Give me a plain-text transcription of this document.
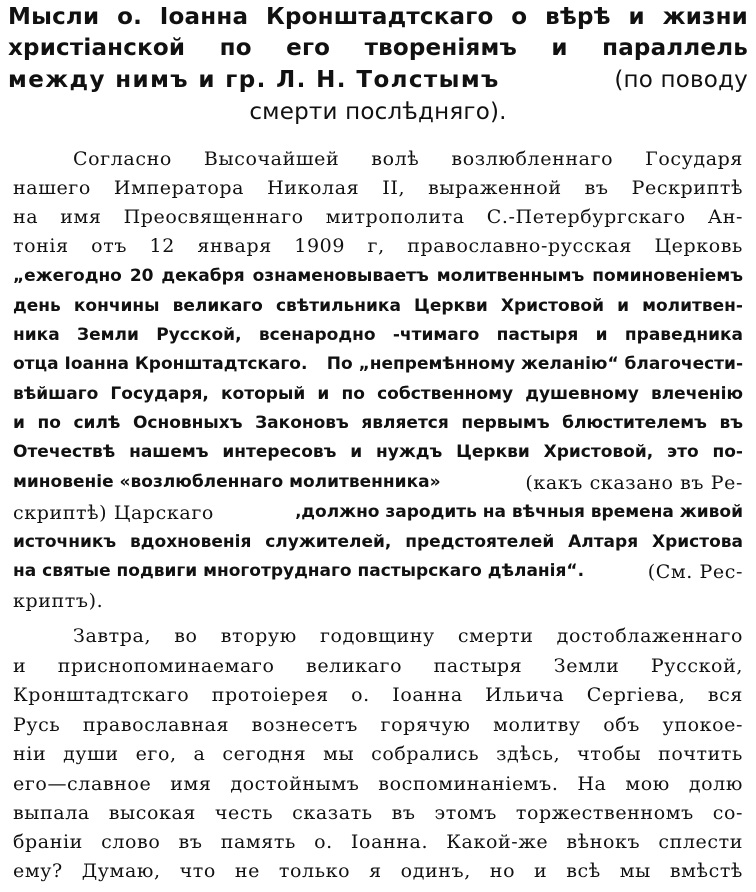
Мысли о. Іоанна Кронштадтскаго о вѣрѣ и жизни
христіанской по его твореніямъ и параллель
между нимъ и гр. Л. Н. Толстымъ	(по поводу
смерти послѣдняго).
Согласно Высочайшей волѣ возлюбленнаго Государя
нашего Императора Николая II, выраженной въ Рескриптѣ
на имя Преосвященнаго митрополита С.-Петербургскаго Ан-
тонія отъ 12 января 1909 г, православно-русская Церковь
„ежегодно 20 декабря ознаменовываетъ молитвеннымъ поминовеніемъ
день кончины великаго свѣтильника Церкви Христовой и молитвен-
ника Земли Русской, всенародно -чтимаго пастыря и праведника
отца Іоанна Кронштадтскаго. По „непремѣнному желанію“ благочести-
вѣйшаго Государя, который и по собственному душевному влеченію
и по силѣ Основныхъ Законовъ является первымъ блюстителемъ въ
Отечествѣ нашемъ интересовъ и нуждъ Церкви Христовой, это по-
миновеніе «возлюбленнаго молитвенника»	(какъ сказано въ Ре-
скриптѣ) Царскаго	‚должно зародить на вѣчныя времена живой
источникъ вдохновенія служителей, предстоятелей Алтаря Христова
на святые подвиги многотруднаго пастырскаго дѣланія“.	(См. Рес-
криптъ).
Завтра, во вторую годовщину смерти достоблаженнаго
и приснопоминаемаго великаго пастыря Земли Русской,
Кронштадтскаго протоіерея о. Іоанна Ильича Сергіева, вся
Русь православная вознесетъ горячую молитву объ упокое-
ніи души его, а сегодня мы собрались здѣсь, чтобы почтить
его—славное имя достойнымъ воспоминаніемъ. На мою долю
выпала высокая честь сказать въ этомъ торжественномъ со-
браніи слово въ память о. Іоанна. Какой-же вѣнокъ сплести
ему? Думаю, что не только я одинъ, но и всѣ мы вмѣстѣ
